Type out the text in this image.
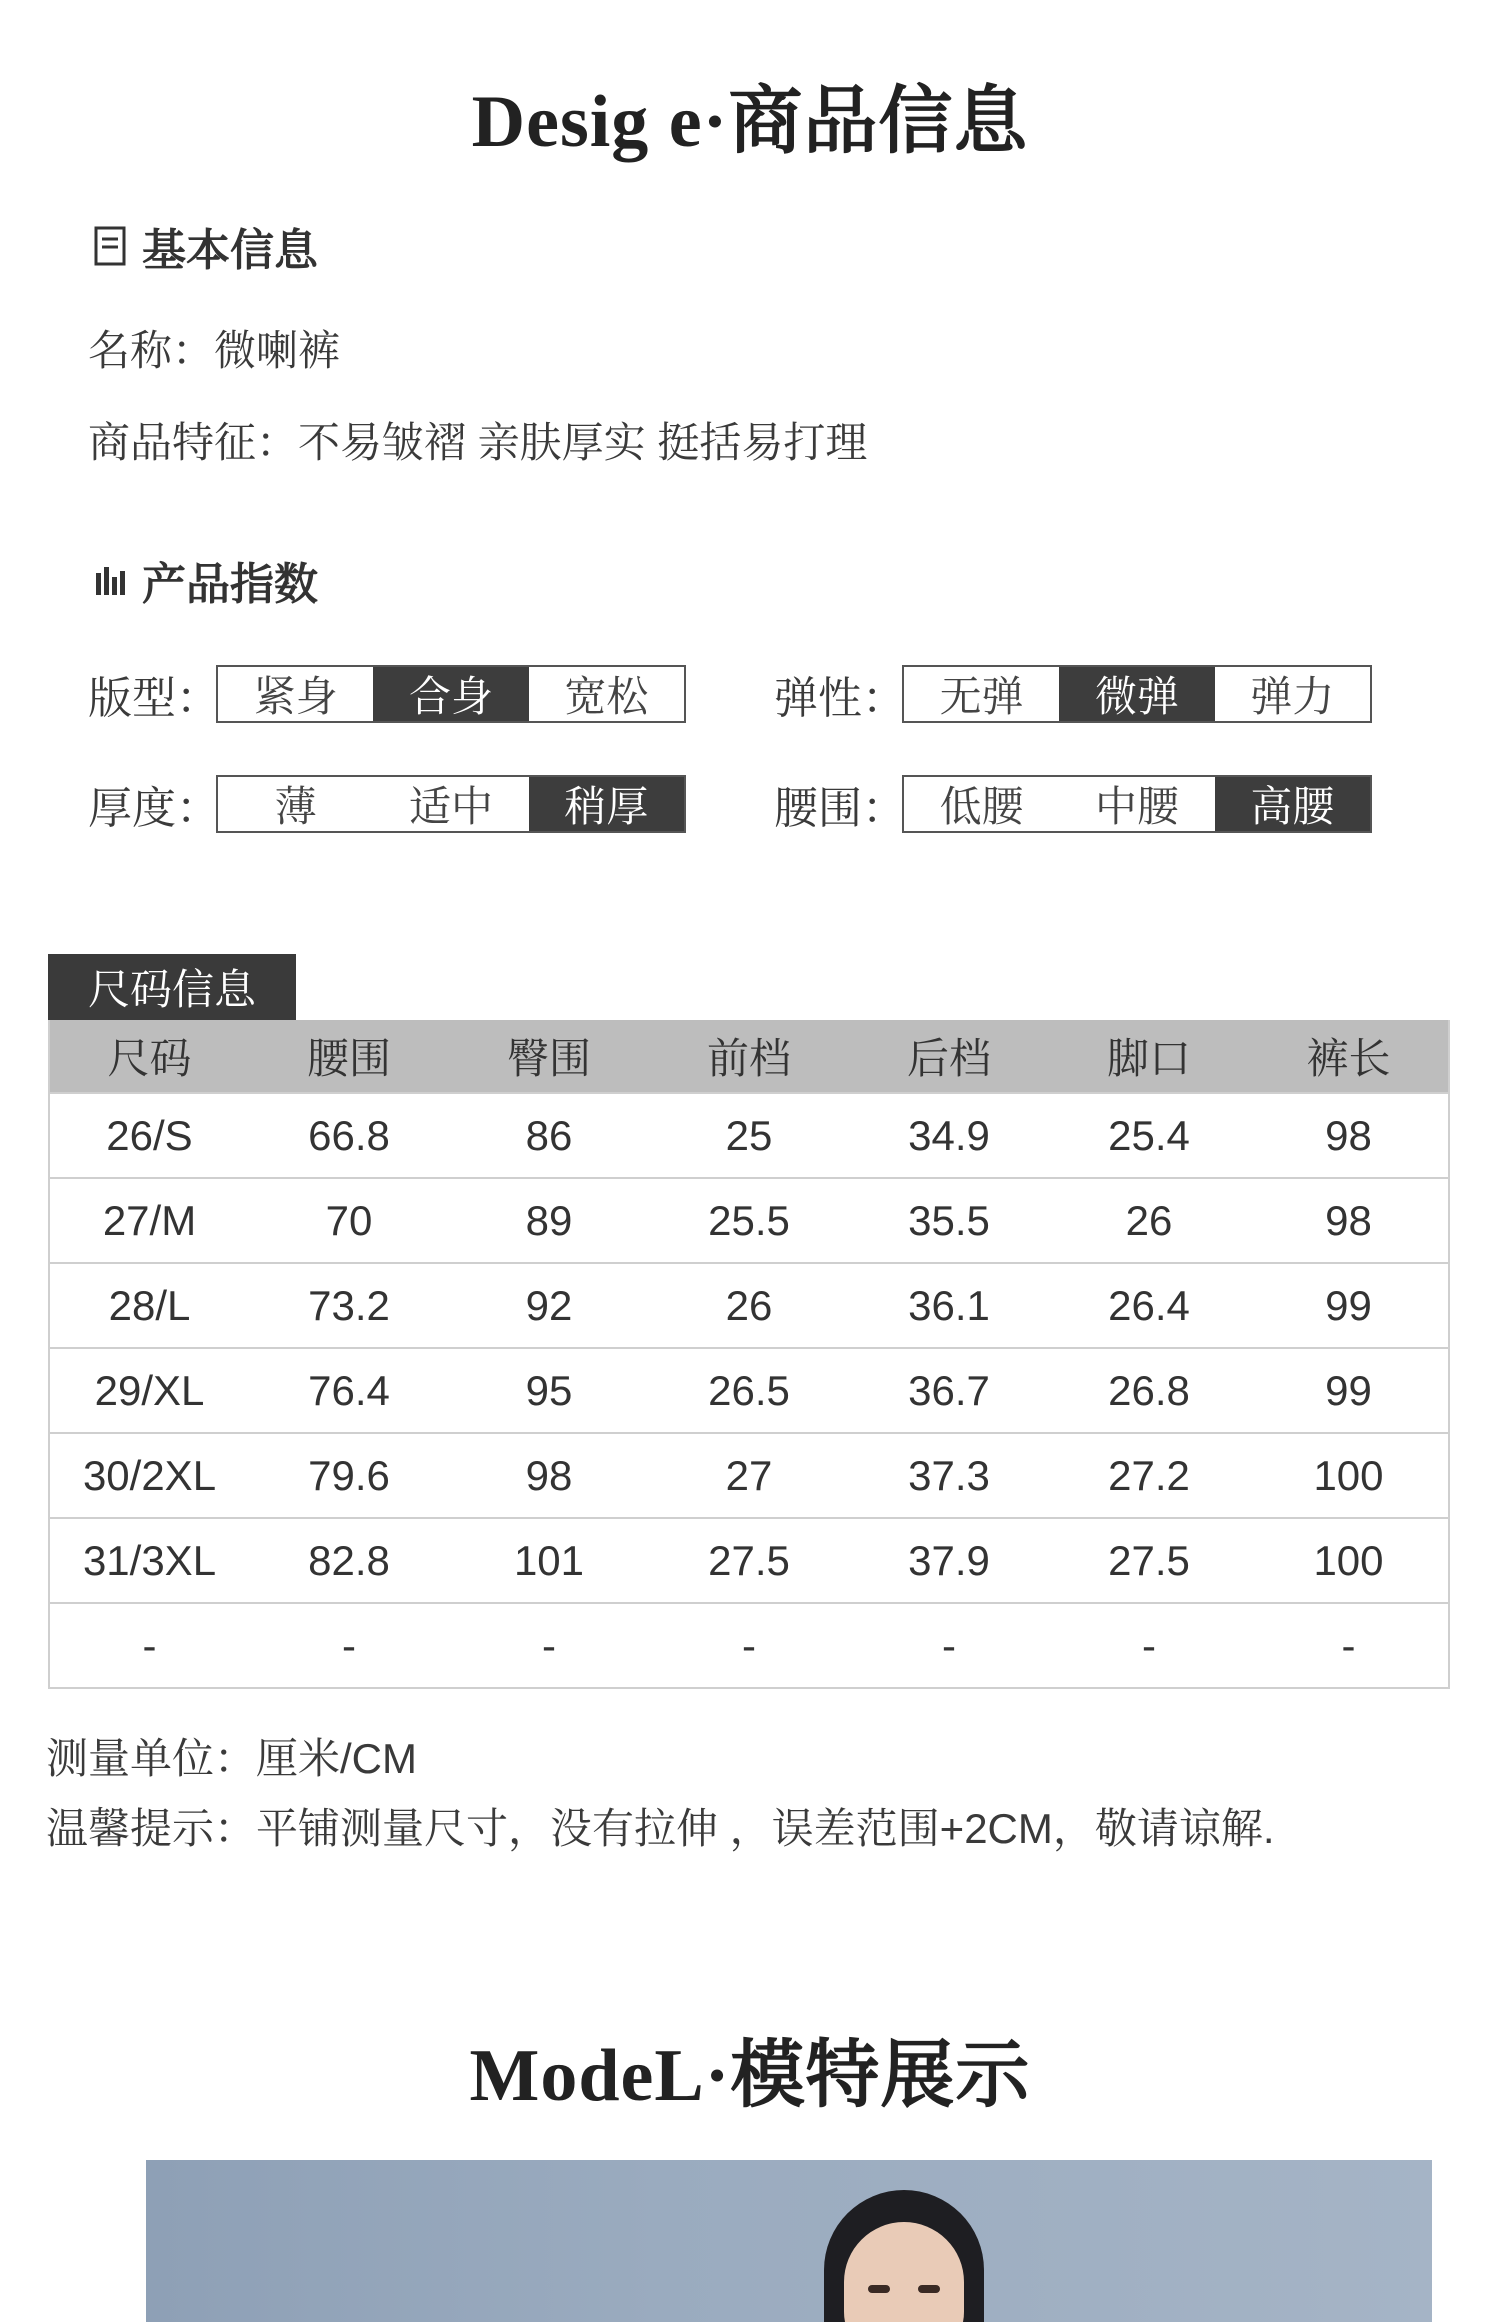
Desig e·商品信息
基本信息
名称：微喇裤
商品特征：不易皱褶 亲肤厚实 挺括易打理
产品指数
版型： 紧身	合身	宽松	弹性： 无弹	微弹	弹力
厚度：	薄	适中	稍厚	腰围： 低腰	中腰	高腰
尺码信息
尺码	腰围	臀围	前档	后档	脚口	裤长
26/S	66.8	86	25	34.9	25.4	98
27/M	70	89	25.5	35.5	26	98
28/L	73.2	92	26	36.1	26.4	99
29/XL	76.4	95	26.5	36.7	26.8	99
30/2XL	79.6	98	27	37.3	27.2	100
31/3XL	82.8	101	27.5	37.9	27.5	100
-	-	-	-	-	-	-
测量单位：厘米/CM
温馨提示：平铺测量尺寸，没有拉伸 ，误差范围+2CM，敬请谅解.
ModeL·模特展示
